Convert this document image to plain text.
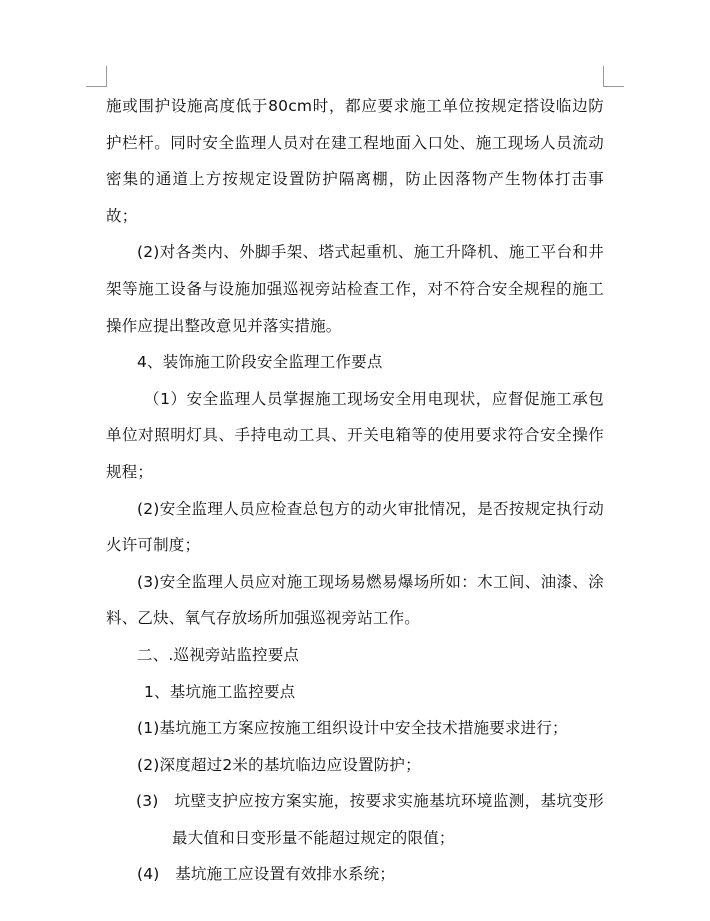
施或围护设施高度低于80cm时，都应要求施工单位按规定搭设临边防护栏杆。同时安全监理人员对在建工程地面入口处、施工现场人员流动密集的通道上方按规定设置防护隔离棚，防止因落物产生物体打击事故；

(2)对各类内、外脚手架、塔式起重机、施工升降机、施工平台和井架等施工设备与设施加强巡视旁站检查工作，对不符合安全规程的施工操作应提出整改意见并落实措施。

4、装饰施工阶段安全监理工作要点

（1）安全监理人员掌握施工现场安全用电现状，应督促施工承包单位对照明灯具、手持电动工具、开关电箱等的使用要求符合安全操作规程；

(2)安全监理人员应检查总包方的动火审批情况，是否按规定执行动火许可制度；

(3)安全监理人员应对施工现场易燃易爆场所如：木工间、油漆、涂料、乙炔、氧气存放场所加强巡视旁站工作。

二、.巡视旁站监控要点

1、基坑施工监控要点

(1)基坑施工方案应按施工组织设计中安全技术措施要求进行；

(2)深度超过2米的基坑临边应设置防护；

(3)　坑壁支护应按方案实施，按要求实施基坑环境监测，基坑变形最大值和日变形量不能超过规定的限值；

(4)　基坑施工应设置有效排水系统；
